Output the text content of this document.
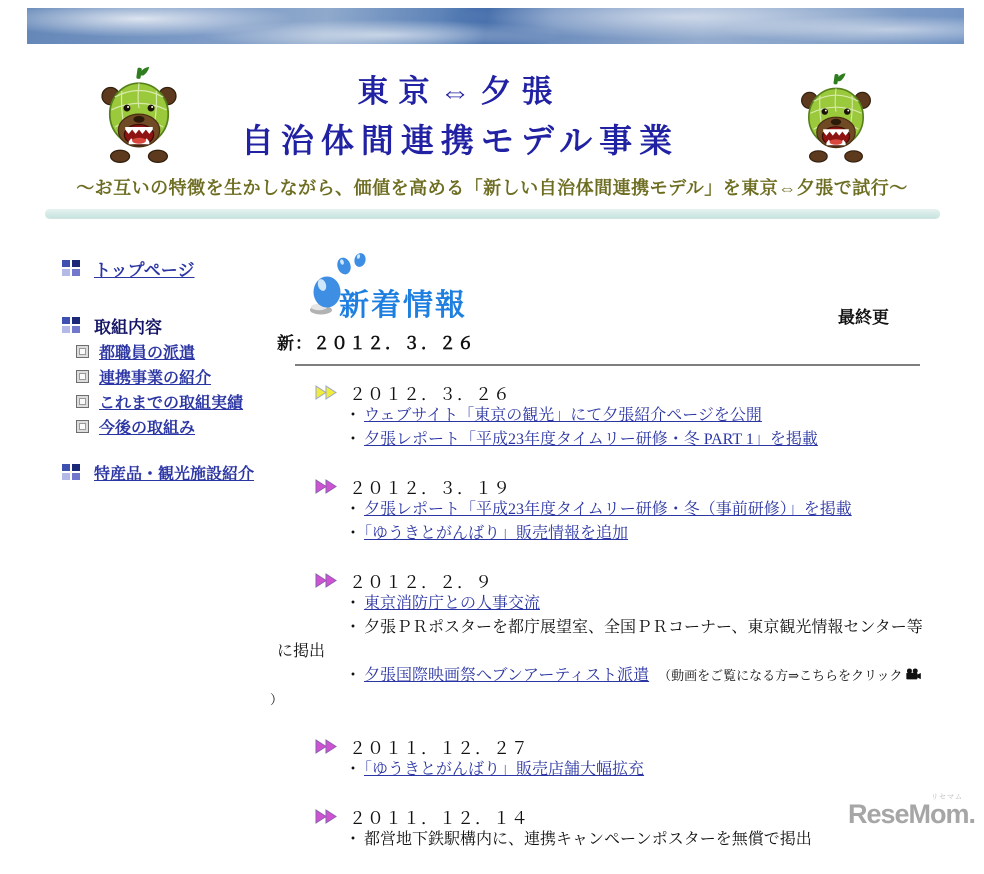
東京⇔夕張
自治体間連携モデル事業
～お互いの特徴を生かしながら、価値を高める「新しい自治体間連携モデル」を東京⇔夕張で試行～
トップページ
取組内容
都職員の派遣
連携事業の紹介
これまでの取組実績
今後の取組み
特産品・観光施設紹介
新着情報	最終更
新：２０１２．３．２６
２０１２．３．２６
・ ウェブサイト「東京の観光」にて夕張紹介ページを公開
・ 夕張レポート「平成23年度タイムリー研修・冬 PART 1」を掲載
２０１２．３．１９
・ 夕張レポート「平成23年度タイムリー研修・冬（事前研修）」を掲載
・ 「ゆうきとがんばり」販売情報を追加
２０１２．２．９
・ 東京消防庁との人事交流
・ 夕張ＰＲポスターを都庁展望室、全国ＰＲコーナー、東京観光情報センター等
に掲出
・ 夕張国際映画祭へブンアーティスト派遣 （動画をご覧になる方⇒こちらをクリック
）
２０１１．１２．２７
・ 「ゆうきとがんばり」販売店舗大幅拡充
２０１１．１２．１４
・ 都営地下鉄駅構内に、連携キャンペーンポスターを無償で掲出
リセマム
ReseMom.
